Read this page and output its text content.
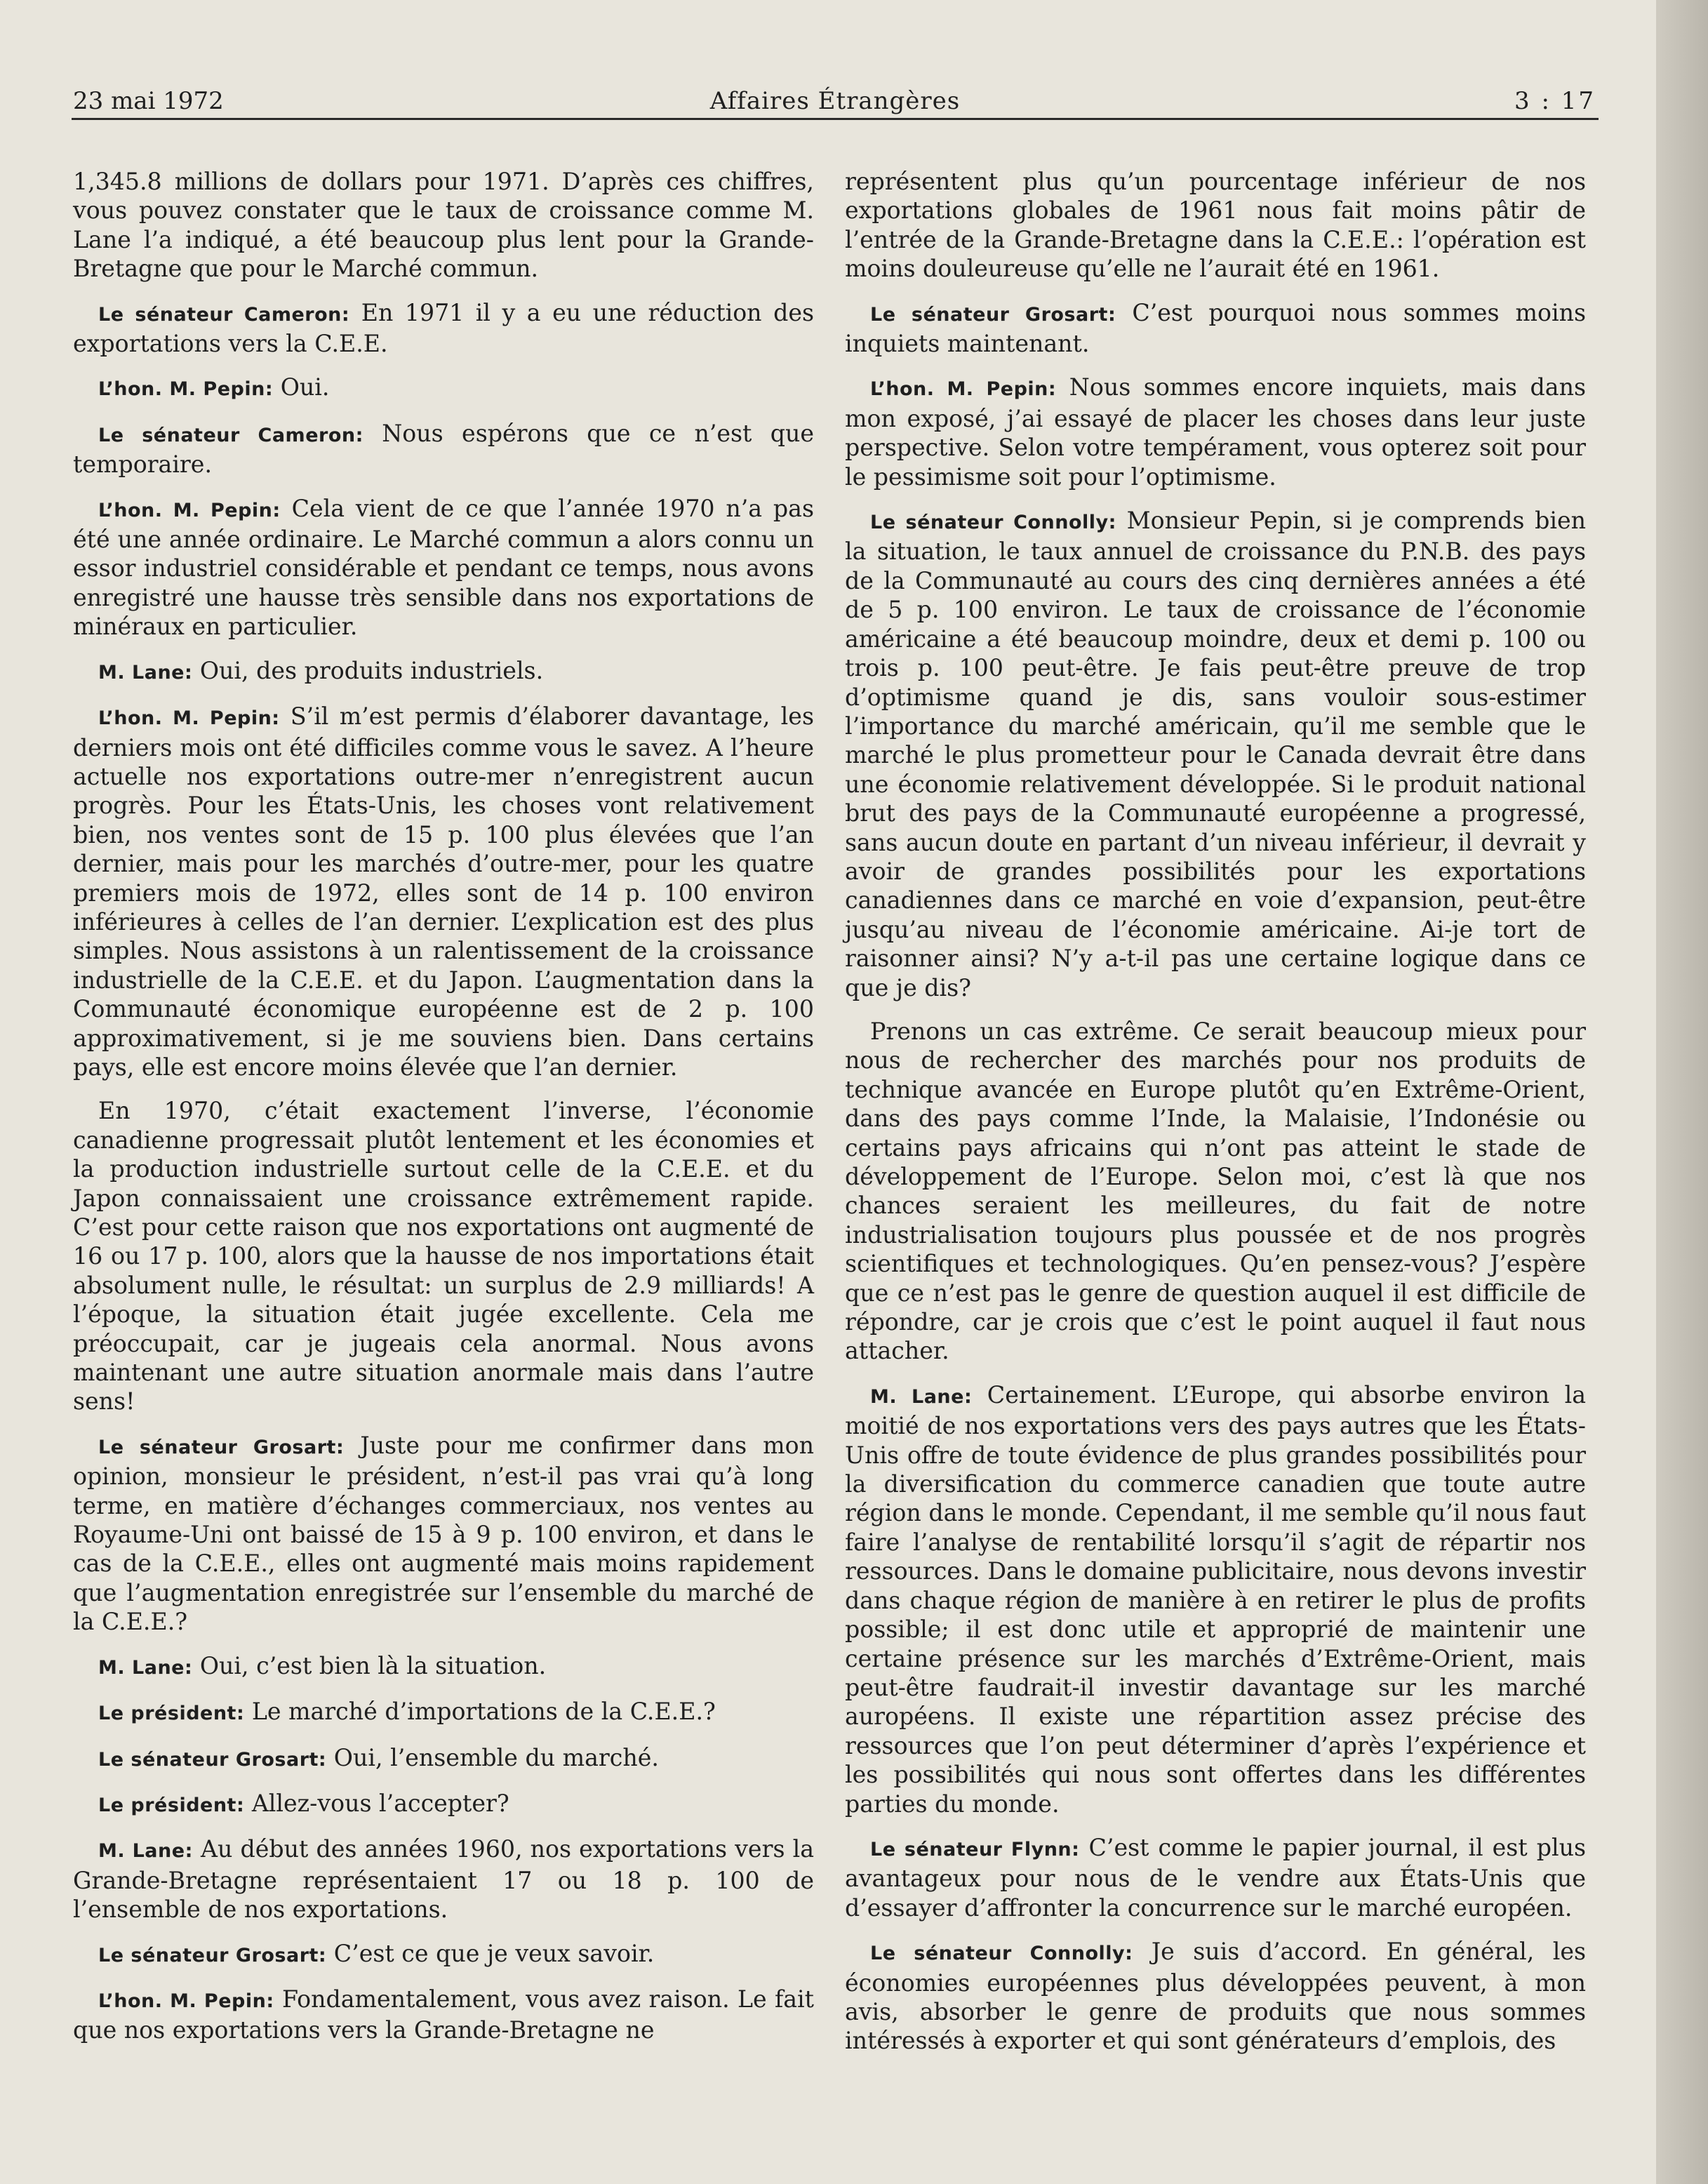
23 mai 1972	Affaires Étrangères	3 : 17

1,345.8 millions de dollars pour 1971. D’après ces chiffres, vous pouvez constater que le taux de croissance comme M. Lane l’a indiqué, a été beaucoup plus lent pour la Grande-Bretagne que pour le Marché commun.

Le sénateur Cameron: En 1971 il y a eu une réduction des exportations vers la C.E.E.

L’hon. M. Pepin: Oui.

Le sénateur Cameron: Nous espérons que ce n’est que temporaire.

L’hon. M. Pepin: Cela vient de ce que l’année 1970 n’a pas été une année ordinaire. Le Marché commun a alors connu un essor industriel considérable et pendant ce temps, nous avons enregistré une hausse très sensible dans nos exportations de minéraux en particulier.

M. Lane: Oui, des produits industriels.

L’hon. M. Pepin: S’il m’est permis d’élaborer davantage, les derniers mois ont été difficiles comme vous le savez. A l’heure actuelle nos exportations outre-mer n’enregistrent aucun progrès. Pour les États-Unis, les choses vont relativement bien, nos ventes sont de 15 p. 100 plus élevées que l’an dernier, mais pour les marchés d’outre-mer, pour les quatre premiers mois de 1972, elles sont de 14 p. 100 environ inférieures à celles de l’an dernier. L’explication est des plus simples. Nous assistons à un ralentissement de la croissance industrielle de la C.E.E. et du Japon. L’augmentation dans la Communauté économique européenne est de 2 p. 100 approximativement, si je me souviens bien. Dans certains pays, elle est encore moins élevée que l’an dernier.

En 1970, c’était exactement l’inverse, l’économie canadienne progressait plutôt lentement et les économies et la production industrielle surtout celle de la C.E.E. et du Japon connaissaient une croissance extrêmement rapide. C’est pour cette raison que nos exportations ont augmenté de 16 ou 17 p. 100, alors que la hausse de nos importations était absolument nulle, le résultat: un surplus de 2.9 milliards! A l’époque, la situation était jugée excellente. Cela me préoccupait, car je jugeais cela anormal. Nous avons maintenant une autre situation anormale mais dans l’autre sens!

Le sénateur Grosart: Juste pour me confirmer dans mon opinion, monsieur le président, n’est-il pas vrai qu’à long terme, en matière d’échanges commerciaux, nos ventes au Royaume-Uni ont baissé de 15 à 9 p. 100 environ, et dans le cas de la C.E.E., elles ont augmenté mais moins rapidement que l’augmentation enregistrée sur l’ensemble du marché de la C.E.E.?

M. Lane: Oui, c’est bien là la situation.

Le président: Le marché d’importations de la C.E.E.?

Le sénateur Grosart: Oui, l’ensemble du marché.

Le président: Allez-vous l’accepter?

M. Lane: Au début des années 1960, nos exportations vers la Grande-Bretagne représentaient 17 ou 18 p. 100 de l’ensemble de nos exportations.

Le sénateur Grosart: C’est ce que je veux savoir.

L’hon. M. Pepin: Fondamentalement, vous avez raison. Le fait que nos exportations vers la Grande-Bretagne ne

représentent plus qu’un pourcentage inférieur de nos exportations globales de 1961 nous fait moins pâtir de l’entrée de la Grande-Bretagne dans la C.E.E.: l’opération est moins douleureuse qu’elle ne l’aurait été en 1961.

Le sénateur Grosart: C’est pourquoi nous sommes moins inquiets maintenant.

L’hon. M. Pepin: Nous sommes encore inquiets, mais dans mon exposé, j’ai essayé de placer les choses dans leur juste perspective. Selon votre tempérament, vous opterez soit pour le pessimisme soit pour l’optimisme.

Le sénateur Connolly: Monsieur Pepin, si je comprends bien la situation, le taux annuel de croissance du P.N.B. des pays de la Communauté au cours des cinq dernières années a été de 5 p. 100 environ. Le taux de croissance de l’économie américaine a été beaucoup moindre, deux et demi p. 100 ou trois p. 100 peut-être. Je fais peut-être preuve de trop d’optimisme quand je dis, sans vouloir sous-estimer l’importance du marché américain, qu’il me semble que le marché le plus prometteur pour le Canada devrait être dans une économie relativement développée. Si le produit national brut des pays de la Communauté européenne a progressé, sans aucun doute en partant d’un niveau inférieur, il devrait y avoir de grandes possibilités pour les exportations canadiennes dans ce marché en voie d’expansion, peut-être jusqu’au niveau de l’économie américaine. Ai-je tort de raisonner ainsi? N’y a-t-il pas une certaine logique dans ce que je dis?

Prenons un cas extrême. Ce serait beaucoup mieux pour nous de rechercher des marchés pour nos produits de technique avancée en Europe plutôt qu’en Extrême-Orient, dans des pays comme l’Inde, la Malaisie, l’Indonésie ou certains pays africains qui n’ont pas atteint le stade de développement de l’Europe. Selon moi, c’est là que nos chances seraient les meilleures, du fait de notre industrialisation toujours plus poussée et de nos progrès scientifiques et technologiques. Qu’en pensez-vous? J’espère que ce n’est pas le genre de question auquel il est difficile de répondre, car je crois que c’est le point auquel il faut nous attacher.

M. Lane: Certainement. L’Europe, qui absorbe environ la moitié de nos exportations vers des pays autres que les États-Unis offre de toute évidence de plus grandes possibilités pour la diversification du commerce canadien que toute autre région dans le monde. Cependant, il me semble qu’il nous faut faire l’analyse de rentabilité lorsqu’il s’agit de répartir nos ressources. Dans le domaine publicitaire, nous devons investir dans chaque région de manière à en retirer le plus de profits possible; il est donc utile et approprié de maintenir une certaine présence sur les marchés d’Extrême-Orient, mais peut-être faudrait-il investir davantage sur les marché auropéens. Il existe une répartition assez précise des ressources que l’on peut déterminer d’après l’expérience et les possibilités qui nous sont offertes dans les différentes parties du monde.

Le sénateur Flynn: C’est comme le papier journal, il est plus avantageux pour nous de le vendre aux États-Unis que d’essayer d’affronter la concurrence sur le marché européen.

Le sénateur Connolly: Je suis d’accord. En général, les économies européennes plus développées peuvent, à mon avis, absorber le genre de produits que nous sommes intéressés à exporter et qui sont générateurs d’emplois, des
